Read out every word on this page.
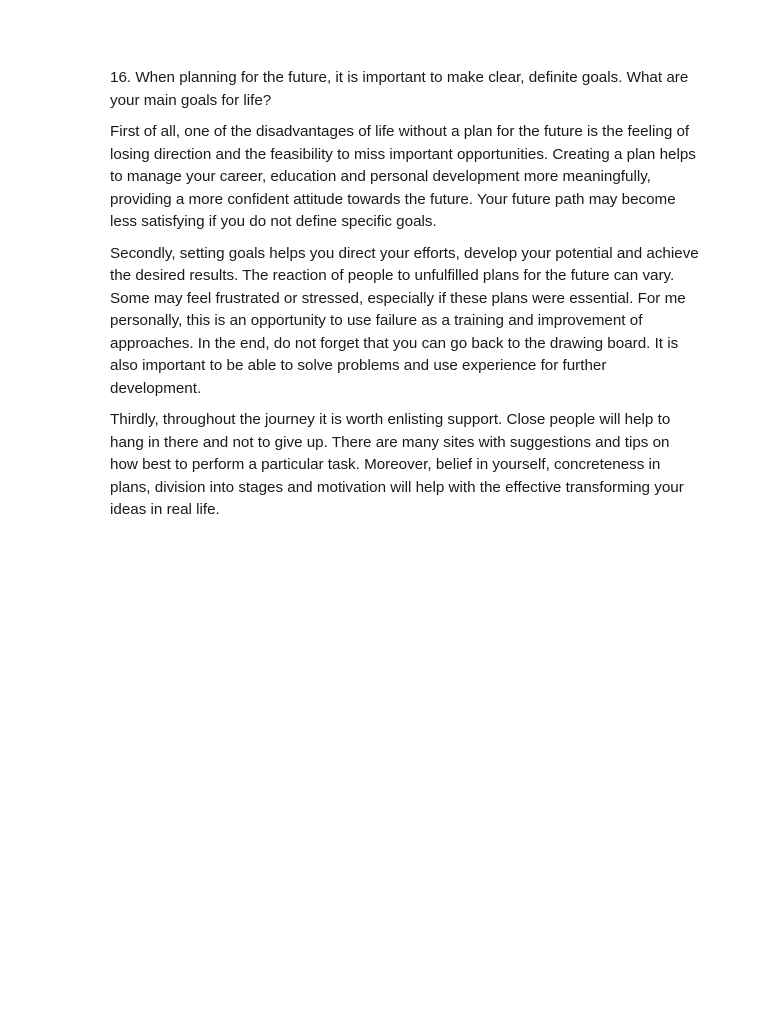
16. When planning for the future, it is important to make clear, definite goals. What are your main goals for life?

First of all, one of the disadvantages of life without a plan for the future is the feeling of losing direction and the feasibility to miss important opportunities. Creating a plan helps to manage your career, education and personal development more meaningfully, providing a more confident attitude towards the future. Your future path may become less satisfying if you do not define specific goals.

Secondly, setting goals helps you direct your efforts, develop your potential and achieve the desired results. The reaction of people to unfulfilled plans for the future can vary. Some may feel frustrated or stressed, especially if these plans were essential. For me personally, this is an opportunity to use failure as a training and improvement of approaches. In the end, do not forget that you can go back to the drawing board. It is also important to be able to solve problems and use experience for further development.

Thirdly, throughout the journey it is worth enlisting support. Close people will help to hang in there and not to give up. There are many sites with suggestions and tips on how best to perform a particular task. Moreover, belief in yourself, concreteness in plans, division into stages and motivation will help with the effective transforming your ideas in real life.
